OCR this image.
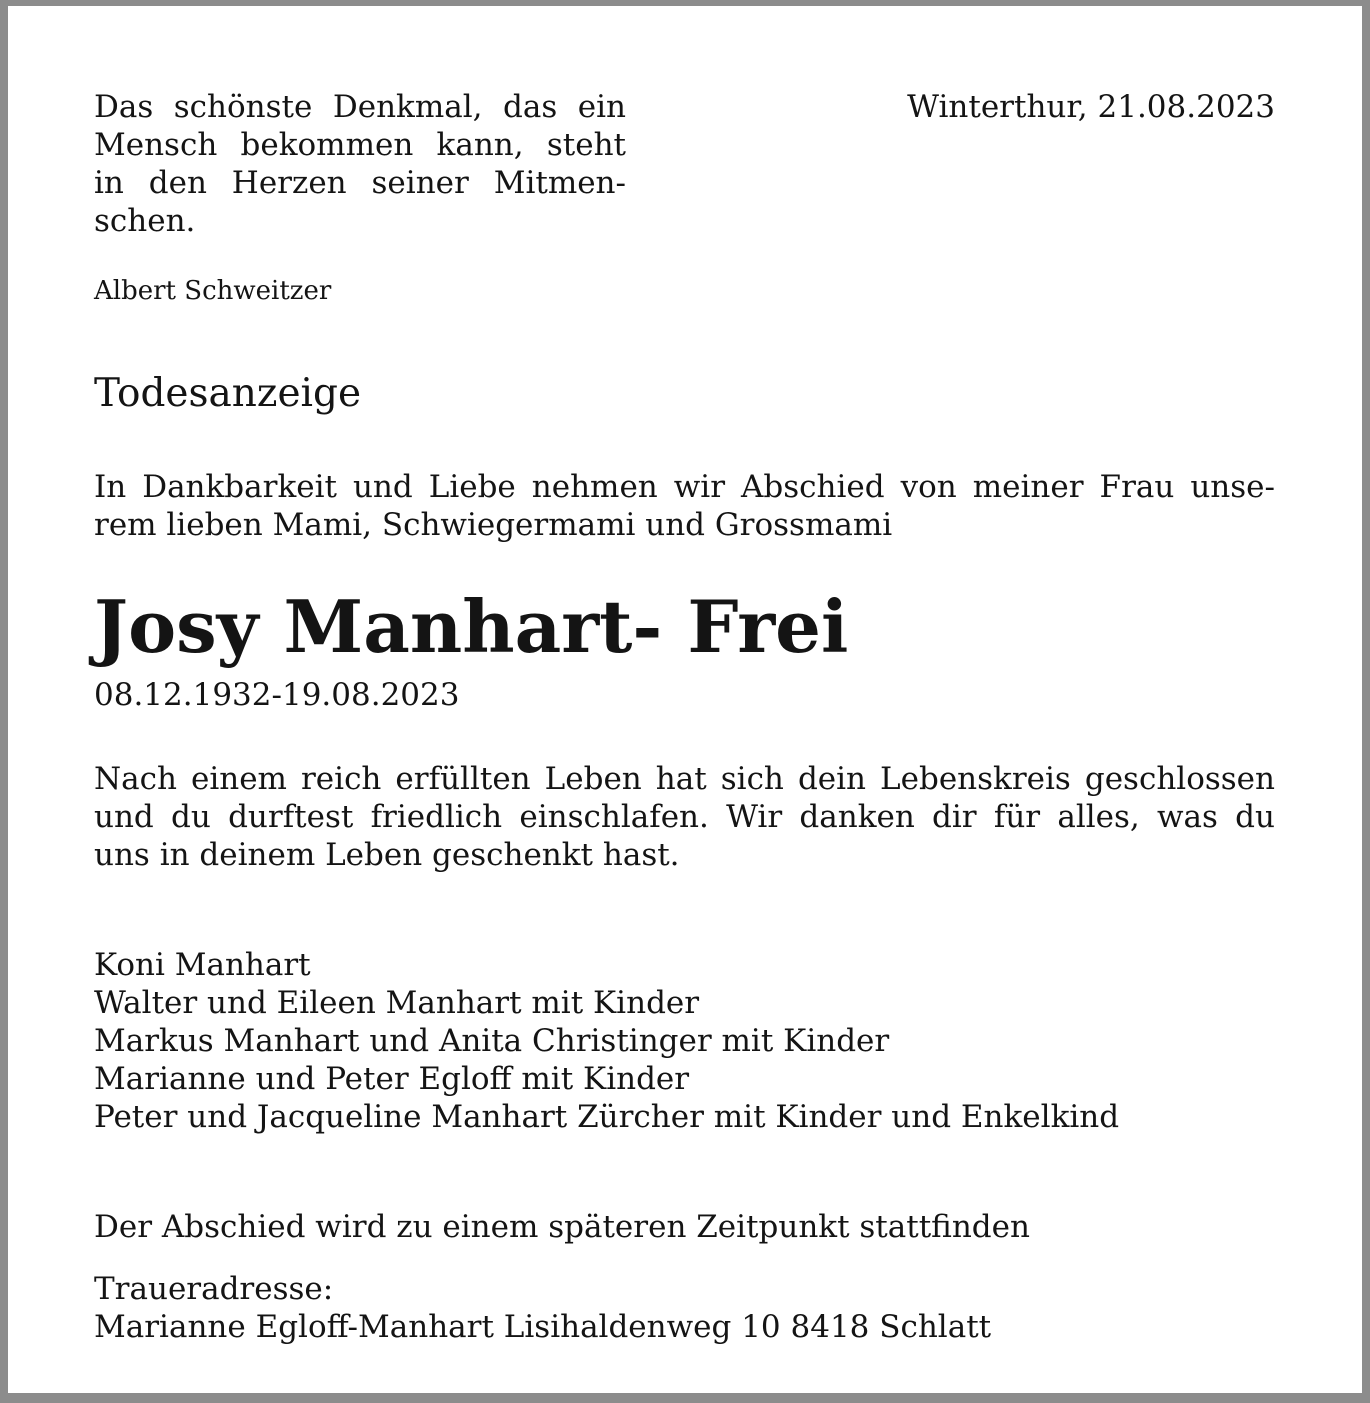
Das schönste Denkmal, das ein
Mensch bekommen kann, steht
in den Herzen seiner Mitmen-
schen.
Albert Schweitzer
Winterthur, 21.08.2023
Todesanzeige
In Dankbarkeit und Liebe nehmen wir Abschied von meiner Frau unse-
rem lieben Mami, Schwiegermami und Grossmami
Josy Manhart- Frei
08.12.1932-19.08.2023
Nach einem reich erfüllten Leben hat sich dein Lebenskreis geschlossen
und du durftest friedlich einschlafen. Wir danken dir für alles, was du
uns in deinem Leben geschenkt hast.
Koni Manhart
Walter und Eileen Manhart mit Kinder
Markus Manhart und Anita Christinger mit Kinder
Marianne und Peter Egloff mit Kinder
Peter und Jacqueline Manhart Zürcher mit Kinder und Enkelkind
Der Abschied wird zu einem späteren Zeitpunkt stattfinden
Traueradresse:
Marianne Egloff-Manhart Lisihaldenweg 10 8418 Schlatt
